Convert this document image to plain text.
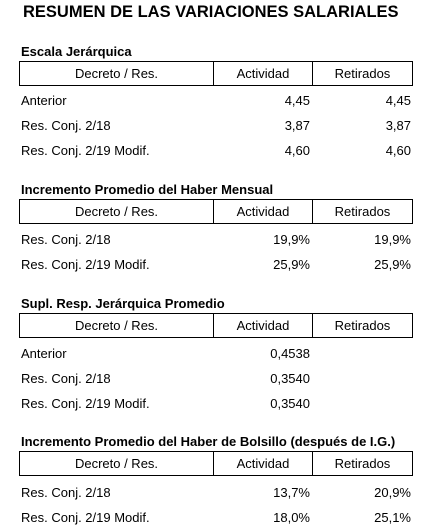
RESUMEN DE LAS VARIACIONES SALARIALES
Escala Jerárquica
Decreto / Res.	Actividad	Retirados
Anterior	4,45	4,45
Res. Conj. 2/18	3,87	3,87
Res. Conj. 2/19 Modif.	4,60	4,60
Incremento Promedio del Haber Mensual
Decreto / Res.	Actividad	Retirados
Res. Conj. 2/18	19,9%	19,9%
Res. Conj. 2/19 Modif.	25,9%	25,9%
Supl. Resp. Jerárquica Promedio
Decreto / Res.	Actividad	Retirados
Anterior	0,4538
Res. Conj. 2/18	0,3540
Res. Conj. 2/19 Modif.	0,3540
Incremento Promedio del Haber de Bolsillo (después de I.G.)
Decreto / Res.	Actividad	Retirados
Res. Conj. 2/18	13,7%	20,9%
Res. Conj. 2/19 Modif.	18,0%	25,1%
